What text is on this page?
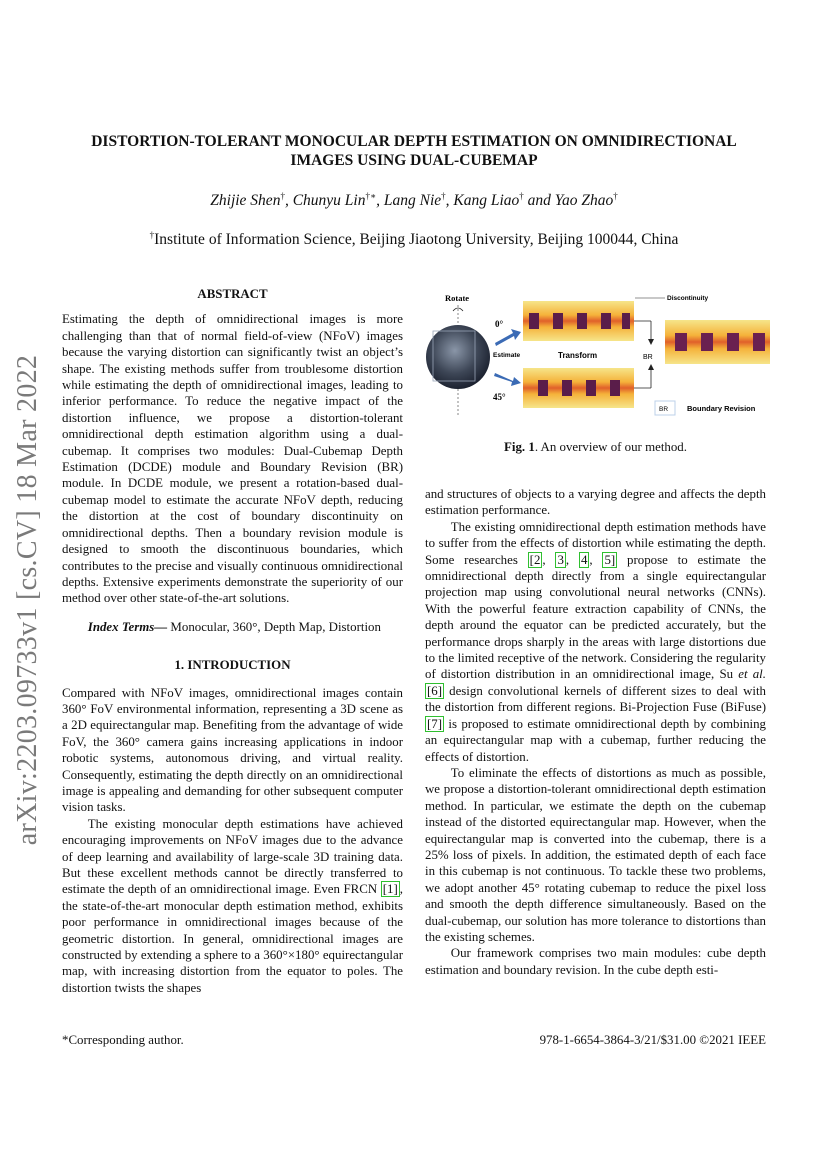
arXiv:2203.09733v1 [cs.CV] 18 Mar 2022
DISTORTION-TOLERANT MONOCULAR DEPTH ESTIMATION ON OMNIDIRECTIONAL IMAGES USING DUAL-CUBEMAP
Zhijie Shen†, Chunyu Lin†∗, Lang Nie†, Kang Liao† and Yao Zhao†
†Institute of Information Science, Beijing Jiaotong University, Beijing 100044, China
ABSTRACT

Estimating the depth of omnidirectional images is more challenging than that of normal field-of-view (NFoV) images because the varying distortion can significantly twist an object’s shape. The existing methods suffer from troublesome distortion while estimating the depth of omnidirectional images, leading to inferior performance. To reduce the negative impact of the distortion influence, we propose a distortion-tolerant omnidirectional depth estimation algorithm using a dual-cubemap. It comprises two modules: Dual-Cubemap Depth Estimation (DCDE) module and Boundary Revision (BR) module. In DCDE module, we present a rotation-based dual-cubemap model to estimate the accurate NFoV depth, reducing the distortion at the cost of boundary discontinuity on omnidirectional depths. Then a boundary revision module is designed to smooth the discontinuous boundaries, which contributes to the precise and visually continuous omnidirectional depths. Extensive experiments demonstrate the superiority of our method over other state-of-the-art solutions.

Index Terms— Monocular, 360°, Depth Map, Distortion

1. INTRODUCTION

Compared with NFoV images, omnidirectional images contain 360° FoV environmental information, representing a 3D scene as a 2D equirectangular map. Benefiting from the advantage of wide FoV, the 360° camera gains increasing applications in indoor robotic systems, autonomous driving, and virtual reality. Consequently, estimating the depth directly on an omnidirectional image is appealing and demanding for other subsequent computer vision tasks.

The existing monocular depth estimations have achieved encouraging improvements on NFoV images due to the advance of deep learning and availability of large-scale 3D training data. But these excellent methods cannot be directly transferred to estimate the depth of an omnidirectional image. Even FRCN [1] , the state-of-the-art monocular depth estimation method, exhibits poor performance in omnidirectional images because of the geometric distortion. In general, omnidirectional images are constructed by extending a sphere to a 360°×180° equirectangular map, with increasing distortion from the equator to poles. The distortion twists the shapes

Rotate
0°
45°
Estimate	Transform	BR
Discontinuity
BR	Boundary Revision
Fig. 1. An overview of our method.

and structures of objects to a varying degree and affects the depth estimation performance.

The existing omnidirectional depth estimation methods have to suffer from the effects of distortion while estimating the depth. Some researches [2 , 3 , 4 , 5] propose to estimate the omnidirectional depth directly from a single equirectangular projection map using convolutional neural networks (CNNs). With the powerful feature extraction capability of CNNs, the depth around the equator can be predicted accurately, but the performance drops sharply in the areas with large distortions due to the limited receptive of the network. Considering the regularity of distortion distribution in an omnidirectional image, Su et al. [6] design convolutional kernels of different sizes to deal with the distortion from different regions. Bi-Projection Fuse (BiFuse) [7] is proposed to estimate omnidirectional depth by combining an equirectangular map with a cubemap, further reducing the effects of distortion.

To eliminate the effects of distortions as much as possible, we propose a distortion-tolerant omnidirectional depth estimation method. In particular, we estimate the depth on the cubemap instead of the distorted equirectangular map. However, when the equirectangular map is converted into the cubemap, there is a 25% loss of pixels. In addition, the estimated depth of each face in this cubemap is not continuous. To tackle these two problems, we adopt another 45° rotating cubemap to reduce the pixel loss and smooth the depth difference simultaneously. Based on the dual-cubemap, our solution has more tolerance to distortions than the existing schemes.

Our framework comprises two main modules: cube depth estimation and boundary revision. In the cube depth esti-

*Corresponding author.	978-1-6654-3864-3/21/$31.00 ©2021 IEEE
